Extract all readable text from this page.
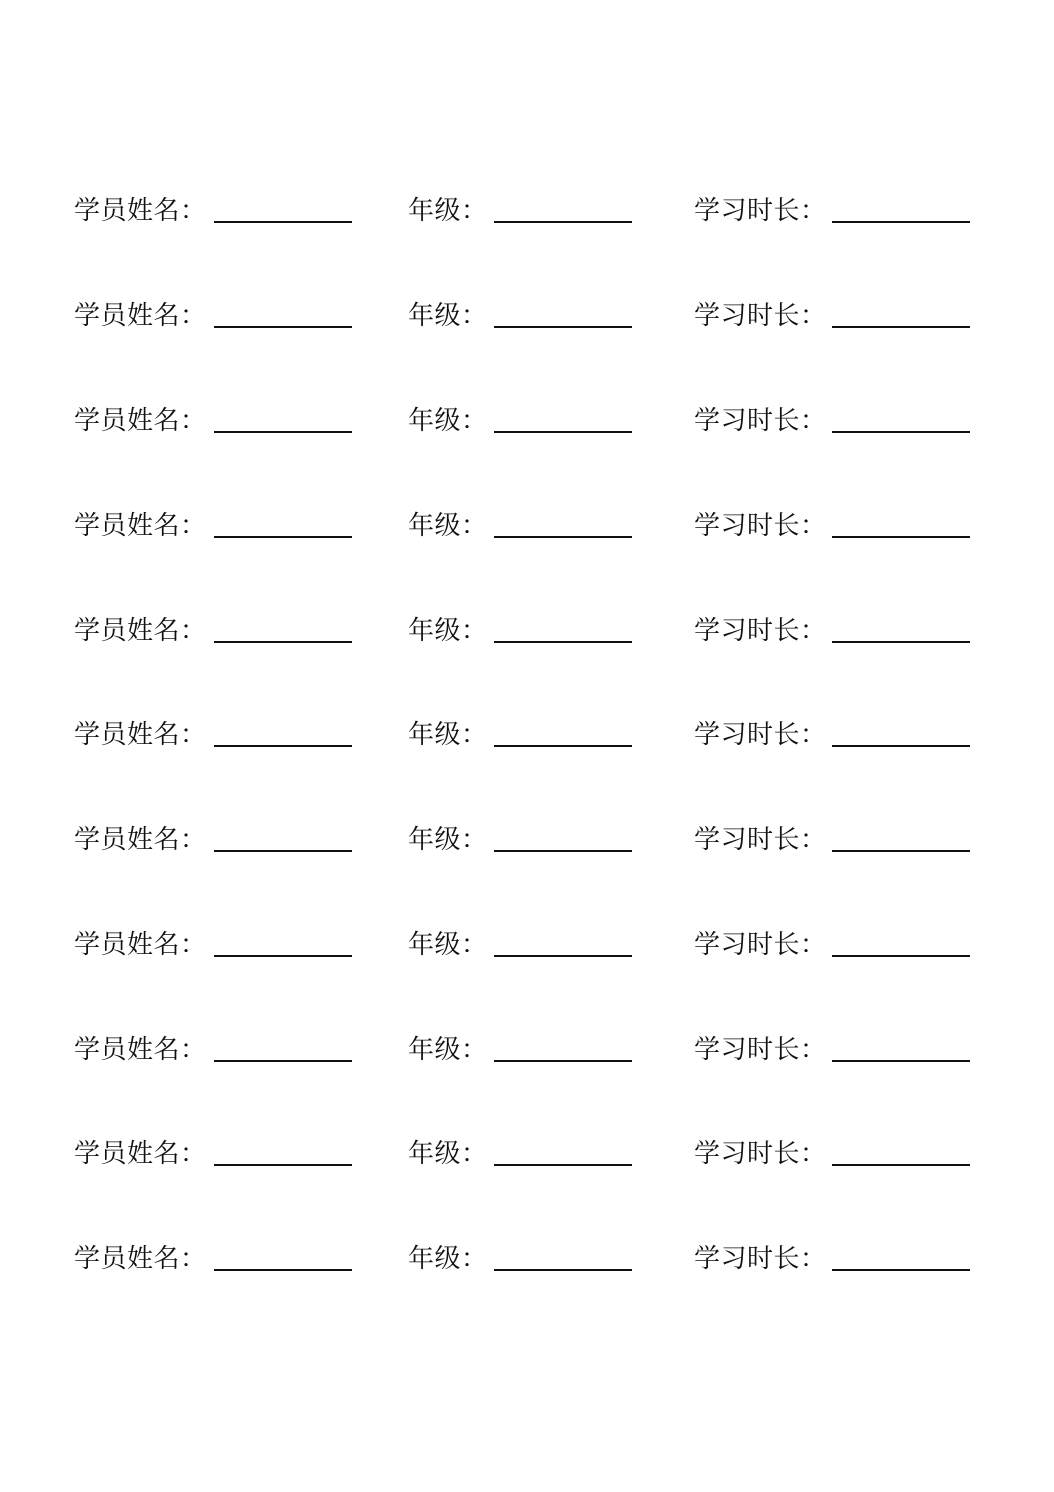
学员姓名：	年级：	学习时长：
学员姓名：	年级：	学习时长：
学员姓名：	年级：	学习时长：
学员姓名：	年级：	学习时长：
学员姓名：	年级：	学习时长：
学员姓名：	年级：	学习时长：
学员姓名：	年级：	学习时长：
学员姓名：	年级：	学习时长：
学员姓名：	年级：	学习时长：
学员姓名：	年级：	学习时长：
学员姓名：	年级：	学习时长：
